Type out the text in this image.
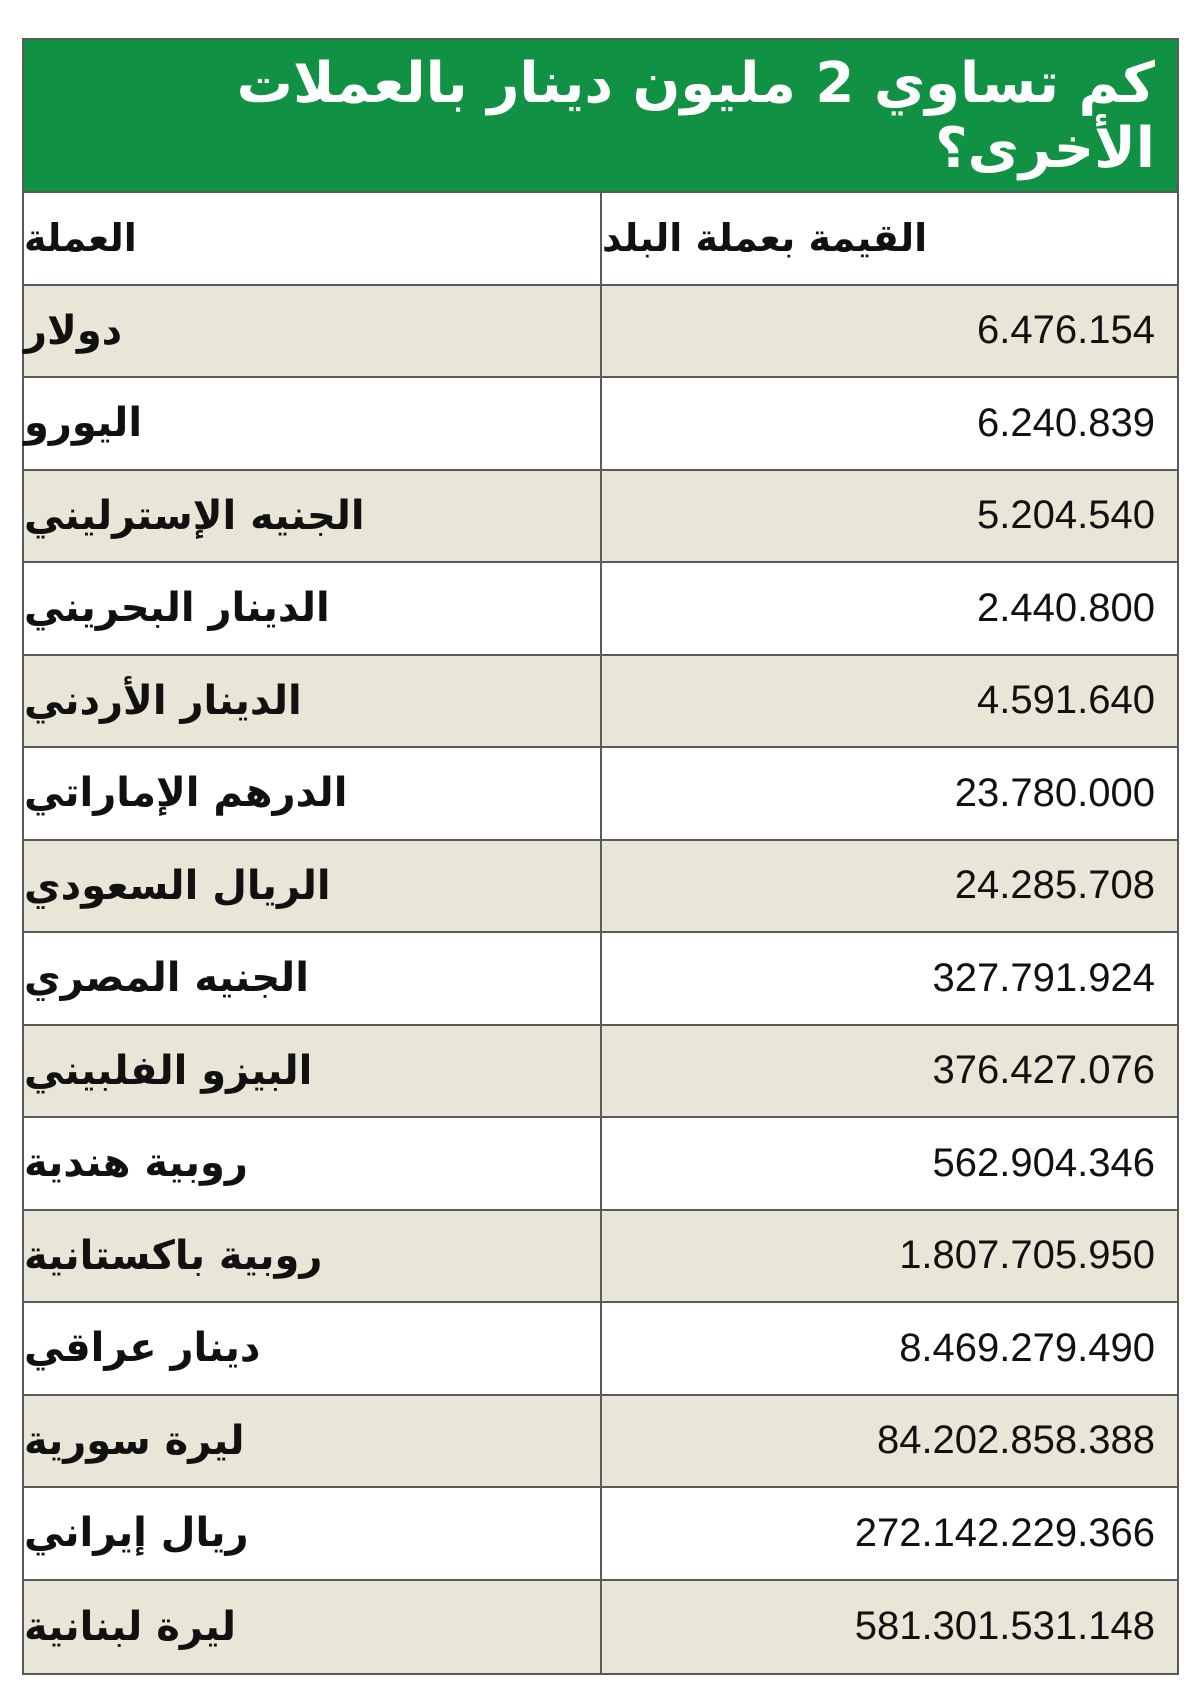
كم تساوي 2 مليون دينار بالعملات الأخرى؟
العملة	القيمة بعملة البلد
دولار	6.476.154
اليورو	6.240.839
الجنيه الإسترليني	5.204.540
الدينار البحريني	2.440.800
الدينار الأردني	4.591.640
الدرهم الإماراتي	23.780.000
الريال السعودي	24.285.708
الجنيه المصري	327.791.924
البيزو الفلبيني	376.427.076
روبية هندية	562.904.346
روبية باكستانية	1.807.705.950
دينار عراقي	8.469.279.490
ليرة سورية	84.202.858.388
ريال إيراني	272.142.229.366
ليرة لبنانية	581.301.531.148
